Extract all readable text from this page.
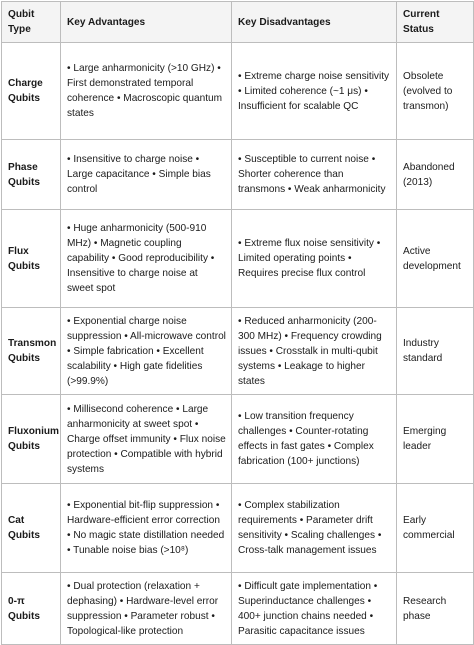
Qubit Type	Key Advantages	Key Disadvantages	Current Status
Charge Qubits	• Large anharmonicity (>10 GHz) • First demonstrated temporal coherence • Macroscopic quantum states	• Extreme charge noise sensitivity • Limited coherence (~1 μs) • Insufficient for scalable QC	Obsolete (evolved to transmon)
Phase Qubits	• Insensitive to charge noise • Large capacitance • Simple bias control	• Susceptible to current noise • Shorter coherence than transmons • Weak anharmonicity	Abandoned (2013)
Flux Qubits	• Huge anharmonicity (500-910 MHz) • Magnetic coupling capability • Good reproducibility • Insensitive to charge noise at sweet spot	• Extreme flux noise sensitivity • Limited operating points • Requires precise flux control	Active development
Transmon Qubits	• Exponential charge noise suppression • All-microwave control • Simple fabrication • Excellent scalability • High gate fidelities (>99.9%)	• Reduced anharmonicity (200-300 MHz) • Frequency crowding issues • Crosstalk in multi-qubit systems • Leakage to higher states	Industry standard
Fluxonium Qubits	• Millisecond coherence • Large anharmonicity at sweet spot • Charge offset immunity • Flux noise protection • Compatible with hybrid systems	• Low transition frequency challenges • Counter-rotating effects in fast gates • Complex fabrication (100+ junctions)	Emerging leader
Cat Qubits	• Exponential bit-flip suppression • Hardware-efficient error correction • No magic state distillation needed • Tunable noise bias (>10⁸)	• Complex stabilization requirements • Parameter drift sensitivity • Scaling challenges • Cross-talk management issues	Early commercial
0-π Qubits	• Dual protection (relaxation + dephasing) • Hardware-level error suppression • Parameter robust • Topological-like protection	• Difficult gate implementation • Superinductance challenges • 400+ junction chains needed • Parasitic capacitance issues	Research phase
